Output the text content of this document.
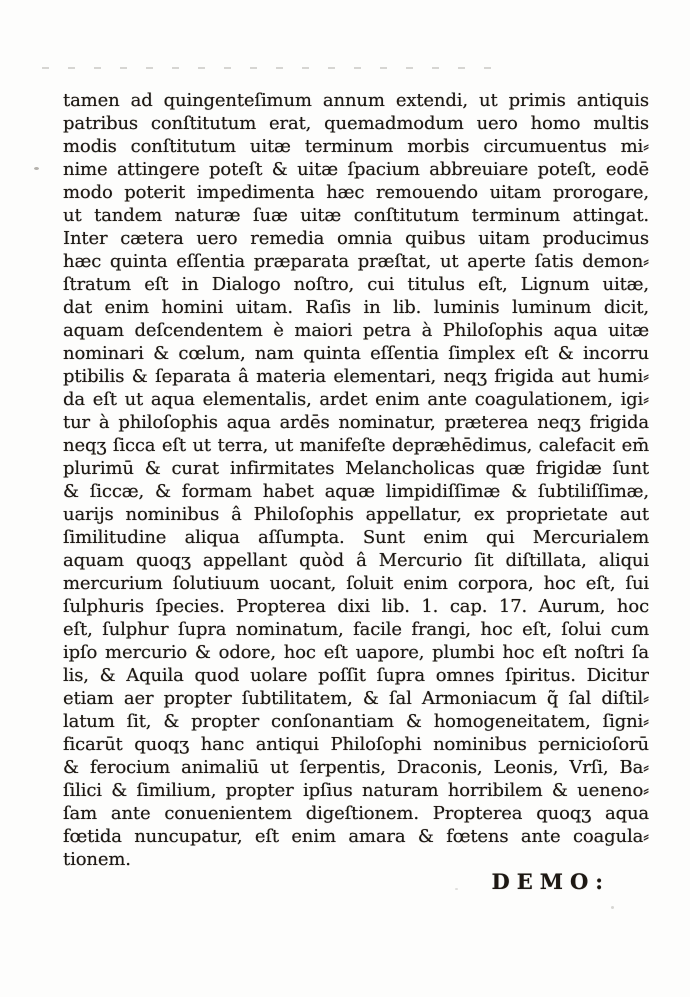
tamen ad quingenteſimum annum extendi, ut primis antiquis
patribus conſtitutum erat, quemadmodum uero homo multis
modis conſtitutum uitæ terminum morbis circumuentus mi⸗
nime attingere poteſt & uitæ ſpacium abbreuiare poteſt, eodē
modo poterit impedimenta hæc remouendo uitam prorogare,
ut tandem naturæ ſuæ uitæ conſtitutum terminum attingat.
Inter cætera uero remedia omnia quibus uitam producimus
hæc quinta eſſentia præparata præſtat, ut aperte ſatis demon⸗
ſtratum eſt in Dialogo noſtro, cui titulus eſt, Lignum uitæ,
dat enim homini uitam. Raſis in lib. luminis luminum dicit,
aquam deſcendentem è maiori petra à Philoſophis aqua uitæ
nominari & cœlum, nam quinta eſſentia ſimplex eſt & incorru
ptibilis & ſeparata â materia elementari, neqʒ frigida aut humi⸗
da eſt ut aqua elementalis, ardet enim ante coagulationem, igi⸗
tur à philoſophis aqua ardēs nominatur, præterea neqʒ frigida
neqʒ ſicca eſt ut terra, ut manifeſte depræhēdimus, calefacit em̄
plurimū & curat infirmitates Melancholicas quæ frigidæ ſunt
& ſiccæ, & formam habet aquæ limpidiſſimæ & ſubtiliſſimæ,
uarijs nominibus â Philoſophis appellatur, ex proprietate aut
ſimilitudine aliqua aſſumpta. Sunt enim qui Mercurialem
aquam quoqʒ appellant quòd â Mercurio ſit diſtillata, aliqui
mercurium ſolutiuum uocant, ſoluit enim corpora, hoc eſt, ſui
ſulphuris ſpecies. Propterea dixi lib. 1. cap. 17. Aurum, hoc
eſt, ſulphur ſupra nominatum, facile frangi, hoc eſt, ſolui cum
ipſo mercurio & odore, hoc eſt uapore, plumbi hoc eſt noſtri ſa
lis, & Aquila quod uolare poſſit ſupra omnes ſpiritus. Dicitur
etiam aer propter ſubtilitatem, & ſal Armoniacum q̃ ſal diſtil⸗
latum ſit, & propter conſonantiam & homogeneitatem, ſigni⸗
ficarūt quoqʒ hanc antiqui Philoſophi nominibus pernicioſorū
& ferocium animaliū ut ſerpentis, Draconis, Leonis, Vrſi, Ba⸗
ſilici & ſimilium, propter ipſius naturam horribilem & ueneno⸗
ſam ante conuenientem digeſtionem. Propterea quoqʒ aqua
fœtida nuncupatur, eſt enim amara & fœtens ante coagula⸗
tionem.
DEMO:
